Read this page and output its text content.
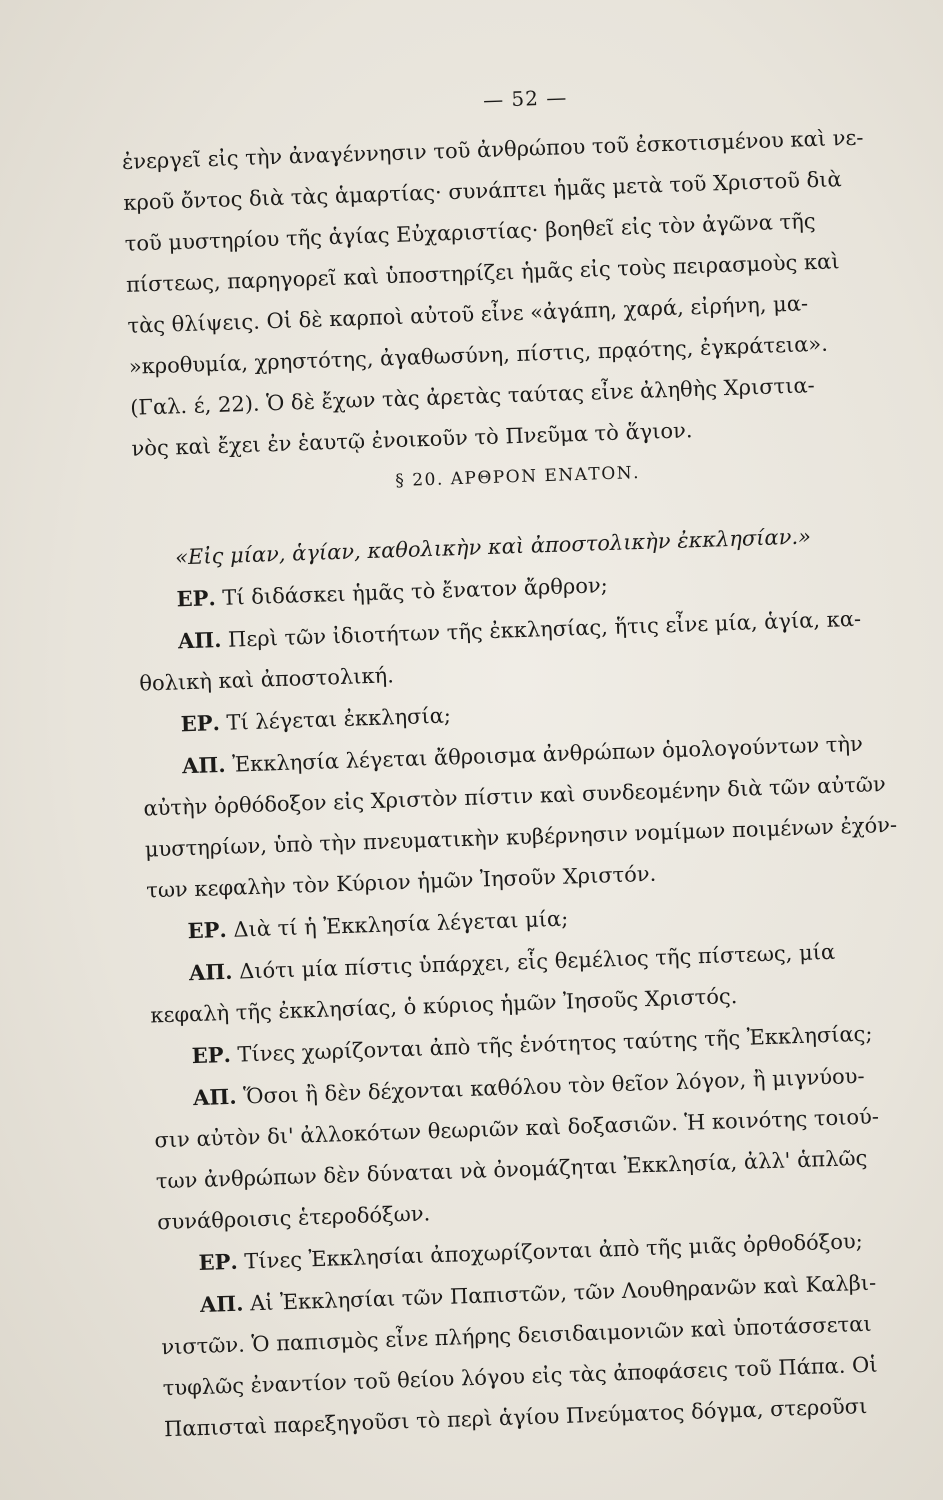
— 52 —
ἐνεργεῖ εἰς τὴν ἀναγέννησιν τοῦ ἀνθρώπου τοῦ ἐσκοτισμένου καὶ νε-
κροῦ ὄντος διὰ τὰς ἁμαρτίας· συνάπτει ἡμᾶς μετὰ τοῦ Χριστοῦ διὰ
τοῦ μυστηρίου τῆς ἁγίας Εὐχαριστίας· βοηθεῖ εἰς τὸν ἀγῶνα τῆς
πίστεως, παρηγορεῖ καὶ ὑποστηρίζει ἡμᾶς εἰς τοὺς πειρασμοὺς καὶ
τὰς θλίψεις. Οἱ δὲ καρποὶ αὐτοῦ εἶνε «ἀγάπη, χαρά, εἰρήνη, μα-
»κροθυμία, χρηστότης, ἀγαθωσύνη, πίστις, πρᾳότης, ἐγκράτεια».
(Γαλ. έ, 22). Ὁ δὲ ἔχων τὰς ἀρετὰς ταύτας εἶνε ἀληθὴς Χριστια-
νὸς καὶ ἔχει ἐν ἑαυτῷ ἐνοικοῦν τὸ Πνεῦμα τὸ ἅγιον.
§ 20. ΑΡΘΡΟΝ ΕΝΑΤΟΝ.
«Εἰς μίαν, ἁγίαν, καθολικὴν καὶ ἀποστολικὴν ἐκκλησίαν.»
ΕΡ. Τί διδάσκει ἡμᾶς τὸ ἔνατον ἄρθρον;
ΑΠ. Περὶ τῶν ἰδιοτήτων τῆς ἐκκλησίας, ἥτις εἶνε μία, ἁγία, κα-
θολικὴ καὶ ἀποστολική.
ΕΡ. Τί λέγεται ἐκκλησία;
ΑΠ. Ἐκκλησία λέγεται ἄθροισμα ἀνθρώπων ὁμολογούντων τὴν
αὐτὴν ὀρθόδοξον εἰς Χριστὸν πίστιν καὶ συνδεομένην διὰ τῶν αὐτῶν
μυστηρίων, ὑπὸ τὴν πνευματικὴν κυβέρνησιν νομίμων ποιμένων ἐχόν-
των κεφαλὴν τὸν Κύριον ἡμῶν Ἰησοῦν Χριστόν.
ΕΡ. Διὰ τί ἡ Ἐκκλησία λέγεται μία;
ΑΠ. Διότι μία πίστις ὑπάρχει, εἷς θεμέλιος τῆς πίστεως, μία
κεφαλὴ τῆς ἐκκλησίας, ὁ κύριος ἡμῶν Ἰησοῦς Χριστός.
ΕΡ. Τίνες χωρίζονται ἀπὸ τῆς ἑνότητος ταύτης τῆς Ἐκκλησίας;
ΑΠ. Ὅσοι ἢ δὲν δέχονται καθόλου τὸν θεῖον λόγον, ἢ μιγνύου-
σιν αὐτὸν δι' ἀλλοκότων θεωριῶν καὶ δοξασιῶν. Ἡ κοινότης τοιού-
των ἀνθρώπων δὲν δύναται νὰ ὀνομάζηται Ἐκκλησία, ἀλλ' ἁπλῶς
συνάθροισις ἑτεροδόξων.
ΕΡ. Τίνες Ἐκκλησίαι ἀποχωρίζονται ἀπὸ τῆς μιᾶς ὀρθοδόξου;
ΑΠ. Αἱ Ἐκκλησίαι τῶν Παπιστῶν, τῶν Λουθηρανῶν καὶ Καλβι-
νιστῶν. Ὁ παπισμὸς εἶνε πλήρης δεισιδαιμονιῶν καὶ ὑποτάσσεται
τυφλῶς ἐναντίον τοῦ θείου λόγου εἰς τὰς ἀποφάσεις τοῦ Πάπα. Οἱ
Παπισταὶ παρεξηγοῦσι τὸ περὶ ἁγίου Πνεύματος δόγμα, στεροῦσι
